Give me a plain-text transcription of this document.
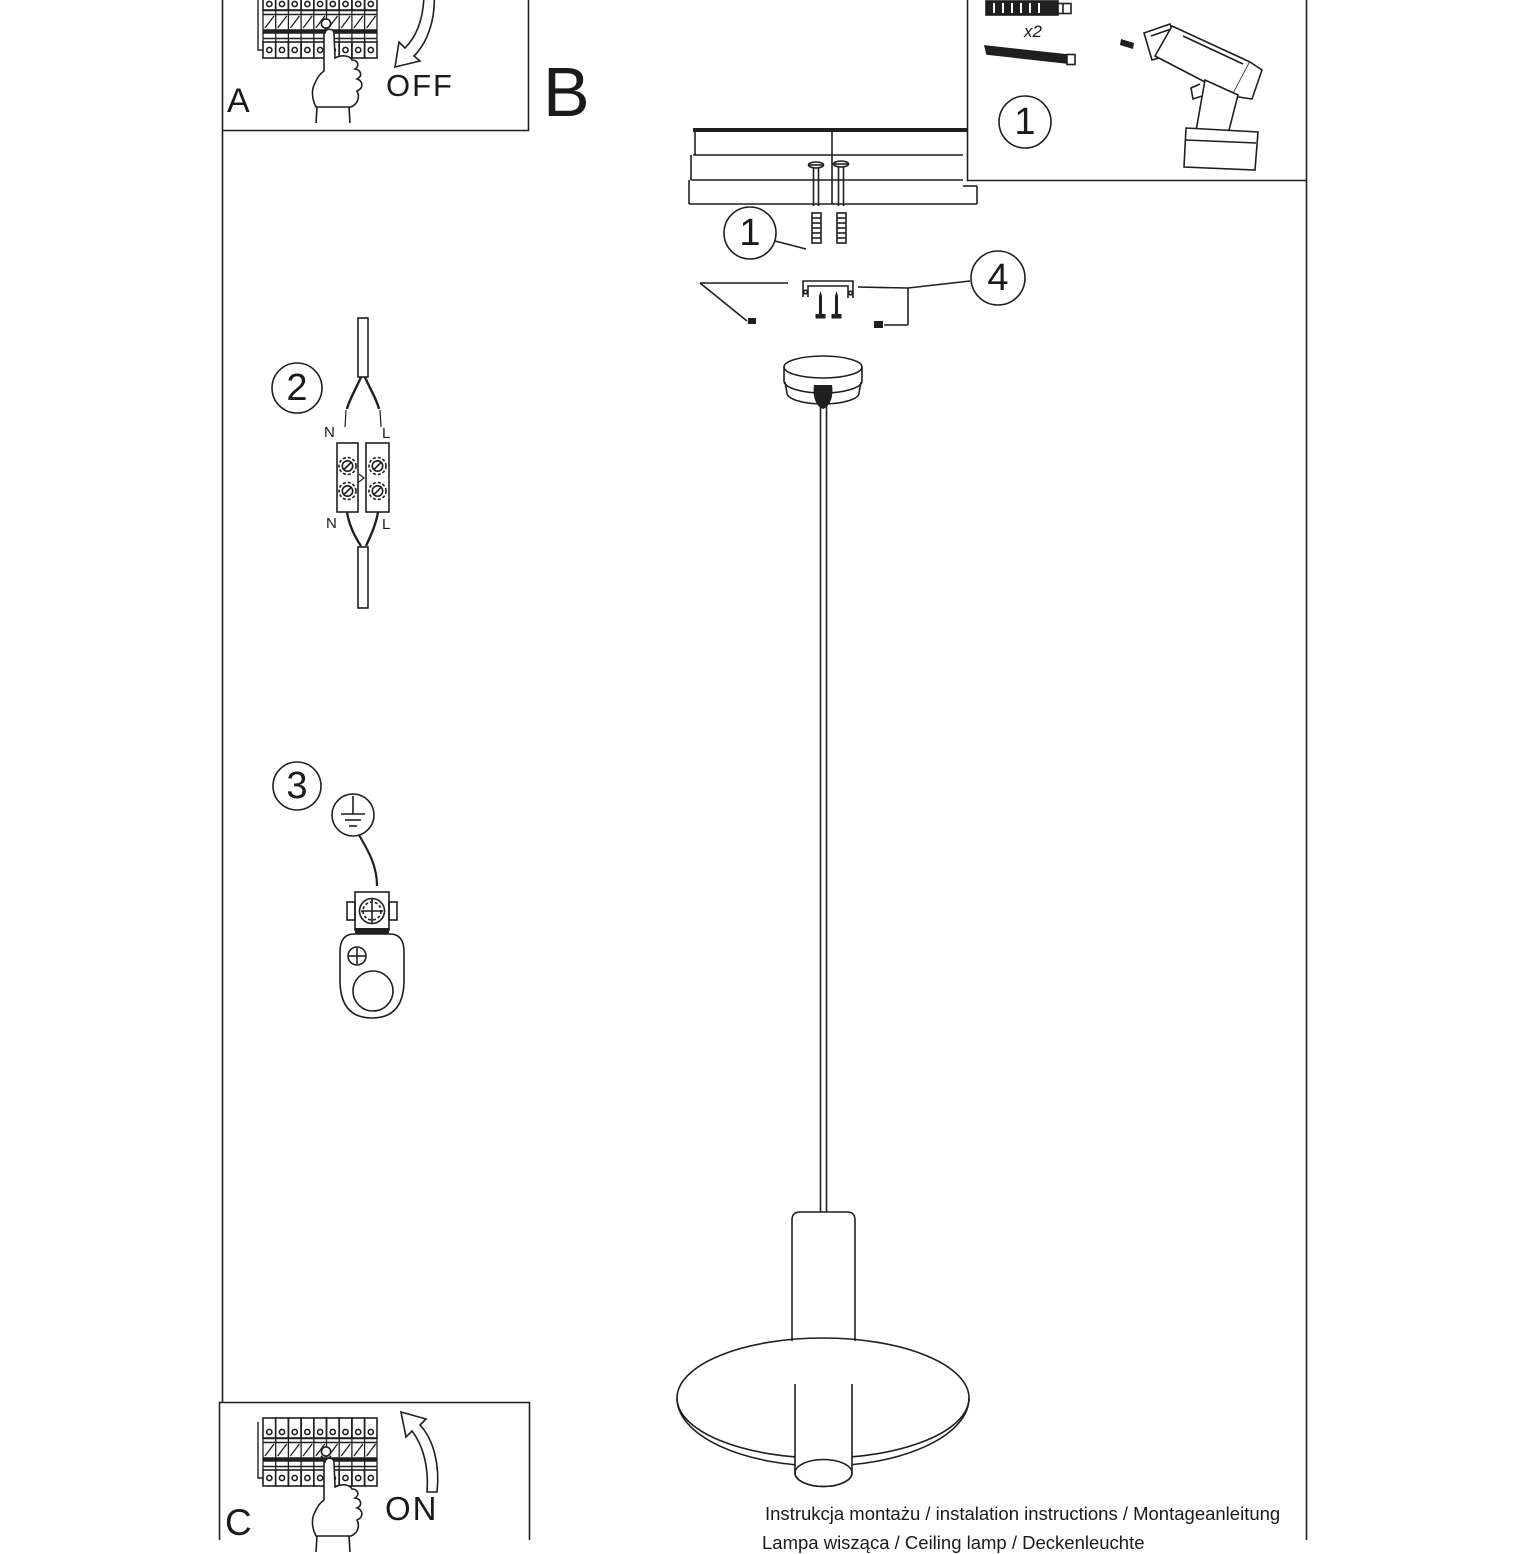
A	OFF B
C	ON
x2
1
1
2
3
4
N	L
N	L
Instrukcja montażu / instalation instructions / Montageanleitung
Lampa wisząca / Ceiling lamp / Deckenleuchte
